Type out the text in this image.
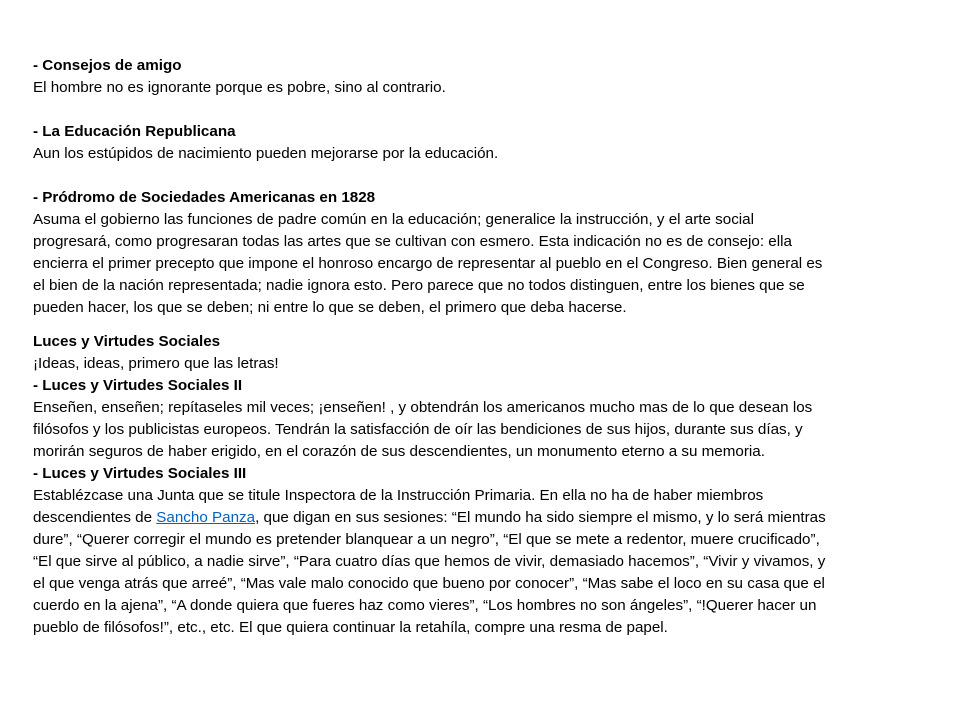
- Consejos de amigo
El hombre no es ignorante porque es pobre, sino al contrario.
- La Educación Republicana
Aun los estúpidos de nacimiento pueden mejorarse por la educación.
- Pródromo de Sociedades Americanas en 1828
Asuma el gobierno las funciones de padre común en la educación; generalice la instrucción, y el arte social
progresará, como progresaran todas las artes que se cultivan con esmero. Esta indicación no es de consejo: ella
encierra el primer precepto que impone el honroso encargo de representar al pueblo en el Congreso. Bien general es
el bien de la nación representada; nadie ignora esto. Pero parece que no todos distinguen, entre los bienes que se
pueden hacer, los que se deben; ni entre lo que se deben, el primero que deba hacerse.
Luces y Virtudes Sociales
¡Ideas, ideas, primero que las letras!
- Luces y Virtudes Sociales II
Enseñen, enseñen; repítaseles mil veces; ¡enseñen! , y obtendrán los americanos mucho mas de lo que desean los
filósofos y los publicistas europeos. Tendrán la satisfacción de oír las bendiciones de sus hijos, durante sus días, y
morirán seguros de haber erigido, en el corazón de sus descendientes, un monumento eterno a su memoria.
- Luces y Virtudes Sociales III
Establézcase una Junta que se titule Inspectora de la Instrucción Primaria. En ella no ha de haber miembros
descendientes de Sancho Panza, que digan en sus sesiones: “El mundo ha sido siempre el mismo, y lo será mientras
dure”, “Querer corregir el mundo es pretender blanquear a un negro”, “El que se mete a redentor, muere crucificado”,
“El que sirve al público, a nadie sirve”, “Para cuatro días que hemos de vivir, demasiado hacemos”, “Vivir y vivamos, y
el que venga atrás que arreé”, “Mas vale malo conocido que bueno por conocer”, “Mas sabe el loco en su casa que el
cuerdo en la ajena”, “A donde quiera que fueres haz como vieres”, “Los hombres no son ángeles”, “!Querer hacer un
pueblo de filósofos!”, etc., etc. El que quiera continuar la retahíla, compre una resma de papel.
